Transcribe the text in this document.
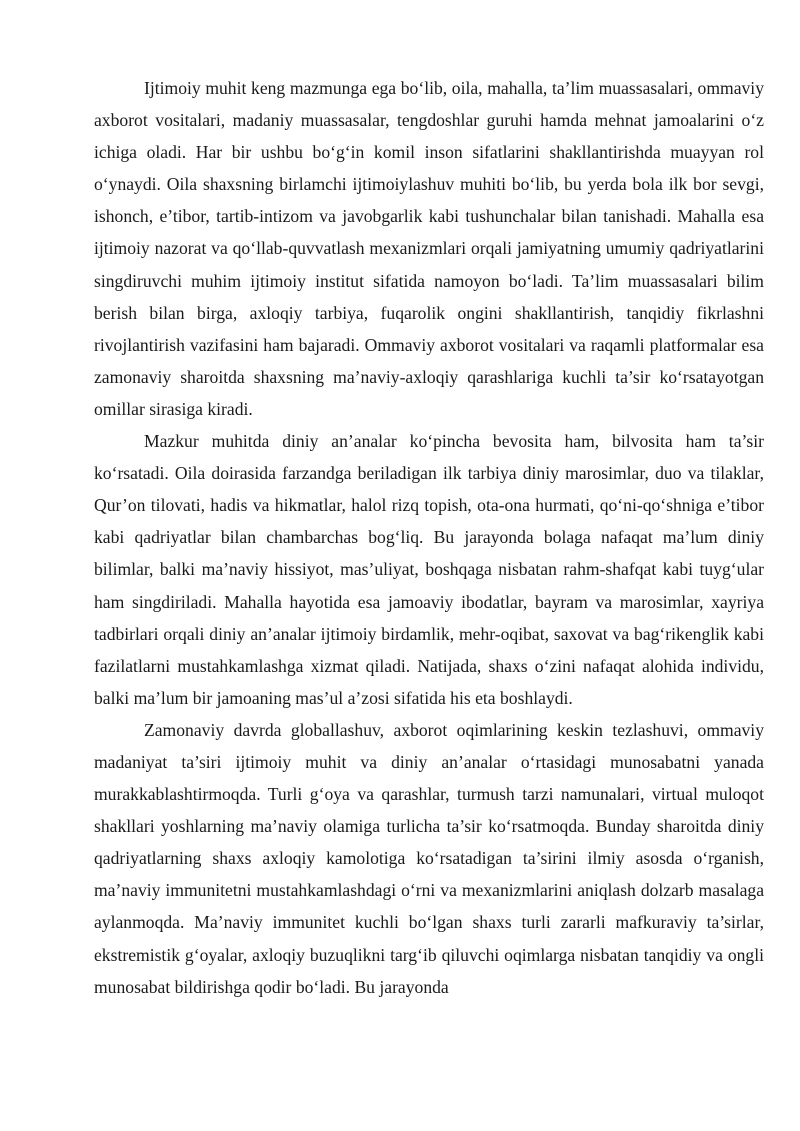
Ijtimoiy muhit keng mazmunga ega bo‘lib, oila, mahalla, ta’lim muassasalari, ommaviy axborot vositalari, madaniy muassasalar, tengdoshlar guruhi hamda mehnat jamoalarini o‘z ichiga oladi. Har bir ushbu bo‘g‘in komil inson sifatlarini shakllantirishda muayyan rol o‘ynaydi. Oila shaxsning birlamchi ijtimoiylashuv muhiti bo‘lib, bu yerda bola ilk bor sevgi, ishonch, e’tibor, tartib-intizom va javobgarlik kabi tushunchalar bilan tanishadi. Mahalla esa ijtimoiy nazorat va qo‘llab-quvvatlash mexanizmlari orqali jamiyatning umumiy qadriyatlarini singdiruvchi muhim ijtimoiy institut sifatida namoyon bo‘ladi. Ta’lim muassasalari bilim berish bilan birga, axloqiy tarbiya, fuqarolik ongini shakllantirish, tanqidiy fikrlashni rivojlantirish vazifasini ham bajaradi. Ommaviy axborot vositalari va raqamli platformalar esa zamonaviy sharoitda shaxsning ma’naviy-axloqiy qarashlariga kuchli ta’sir ko‘rsatayotgan omillar sirasiga kiradi.

Mazkur muhitda diniy an’analar ko‘pincha bevosita ham, bilvosita ham ta’sir ko‘rsatadi. Oila doirasida farzandga beriladigan ilk tarbiya diniy marosimlar, duo va tilaklar, Qur’on tilovati, hadis va hikmatlar, halol rizq topish, ota-ona hurmati, qo‘ni-qo‘shniga e’tibor kabi qadriyatlar bilan chambarchas bog‘liq. Bu jarayonda bolaga nafaqat ma’lum diniy bilimlar, balki ma’naviy hissiyot, mas’uliyat, boshqaga nisbatan rahm-shafqat kabi tuyg‘ular ham singdiriladi. Mahalla hayotida esa jamoaviy ibodatlar, bayram va marosimlar, xayriya tadbirlari orqali diniy an’analar ijtimoiy birdamlik, mehr-oqibat, saxovat va bag‘rikenglik kabi fazilatlarni mustahkamlashga xizmat qiladi. Natijada, shaxs o‘zini nafaqat alohida individu, balki ma’lum bir jamoaning mas’ul a’zosi sifatida his eta boshlaydi.

Zamonaviy davrda globallashuv, axborot oqimlarining keskin tezlashuvi, ommaviy madaniyat ta’siri ijtimoiy muhit va diniy an’analar o‘rtasidagi munosabatni yanada murakkablashtirmoqda. Turli g‘oya va qarashlar, turmush tarzi namunalari, virtual muloqot shakllari yoshlarning ma’naviy olamiga turlicha ta’sir ko‘rsatmoqda. Bunday sharoitda diniy qadriyatlarning shaxs axloqiy kamolotiga ko‘rsatadigan ta’sirini ilmiy asosda o‘rganish, ma’naviy immunitetni mustahkamlashdagi o‘rni va mexanizmlarini aniqlash dolzarb masalaga aylanmoqda. Ma’naviy immunitet kuchli bo‘lgan shaxs turli zararli mafkuraviy ta’sirlar, ekstremistik g‘oyalar, axloqiy buzuqlikni targ‘ib qiluvchi oqimlarga nisbatan tanqidiy va ongli munosabat bildirishga qodir bo‘ladi. Bu jarayonda
